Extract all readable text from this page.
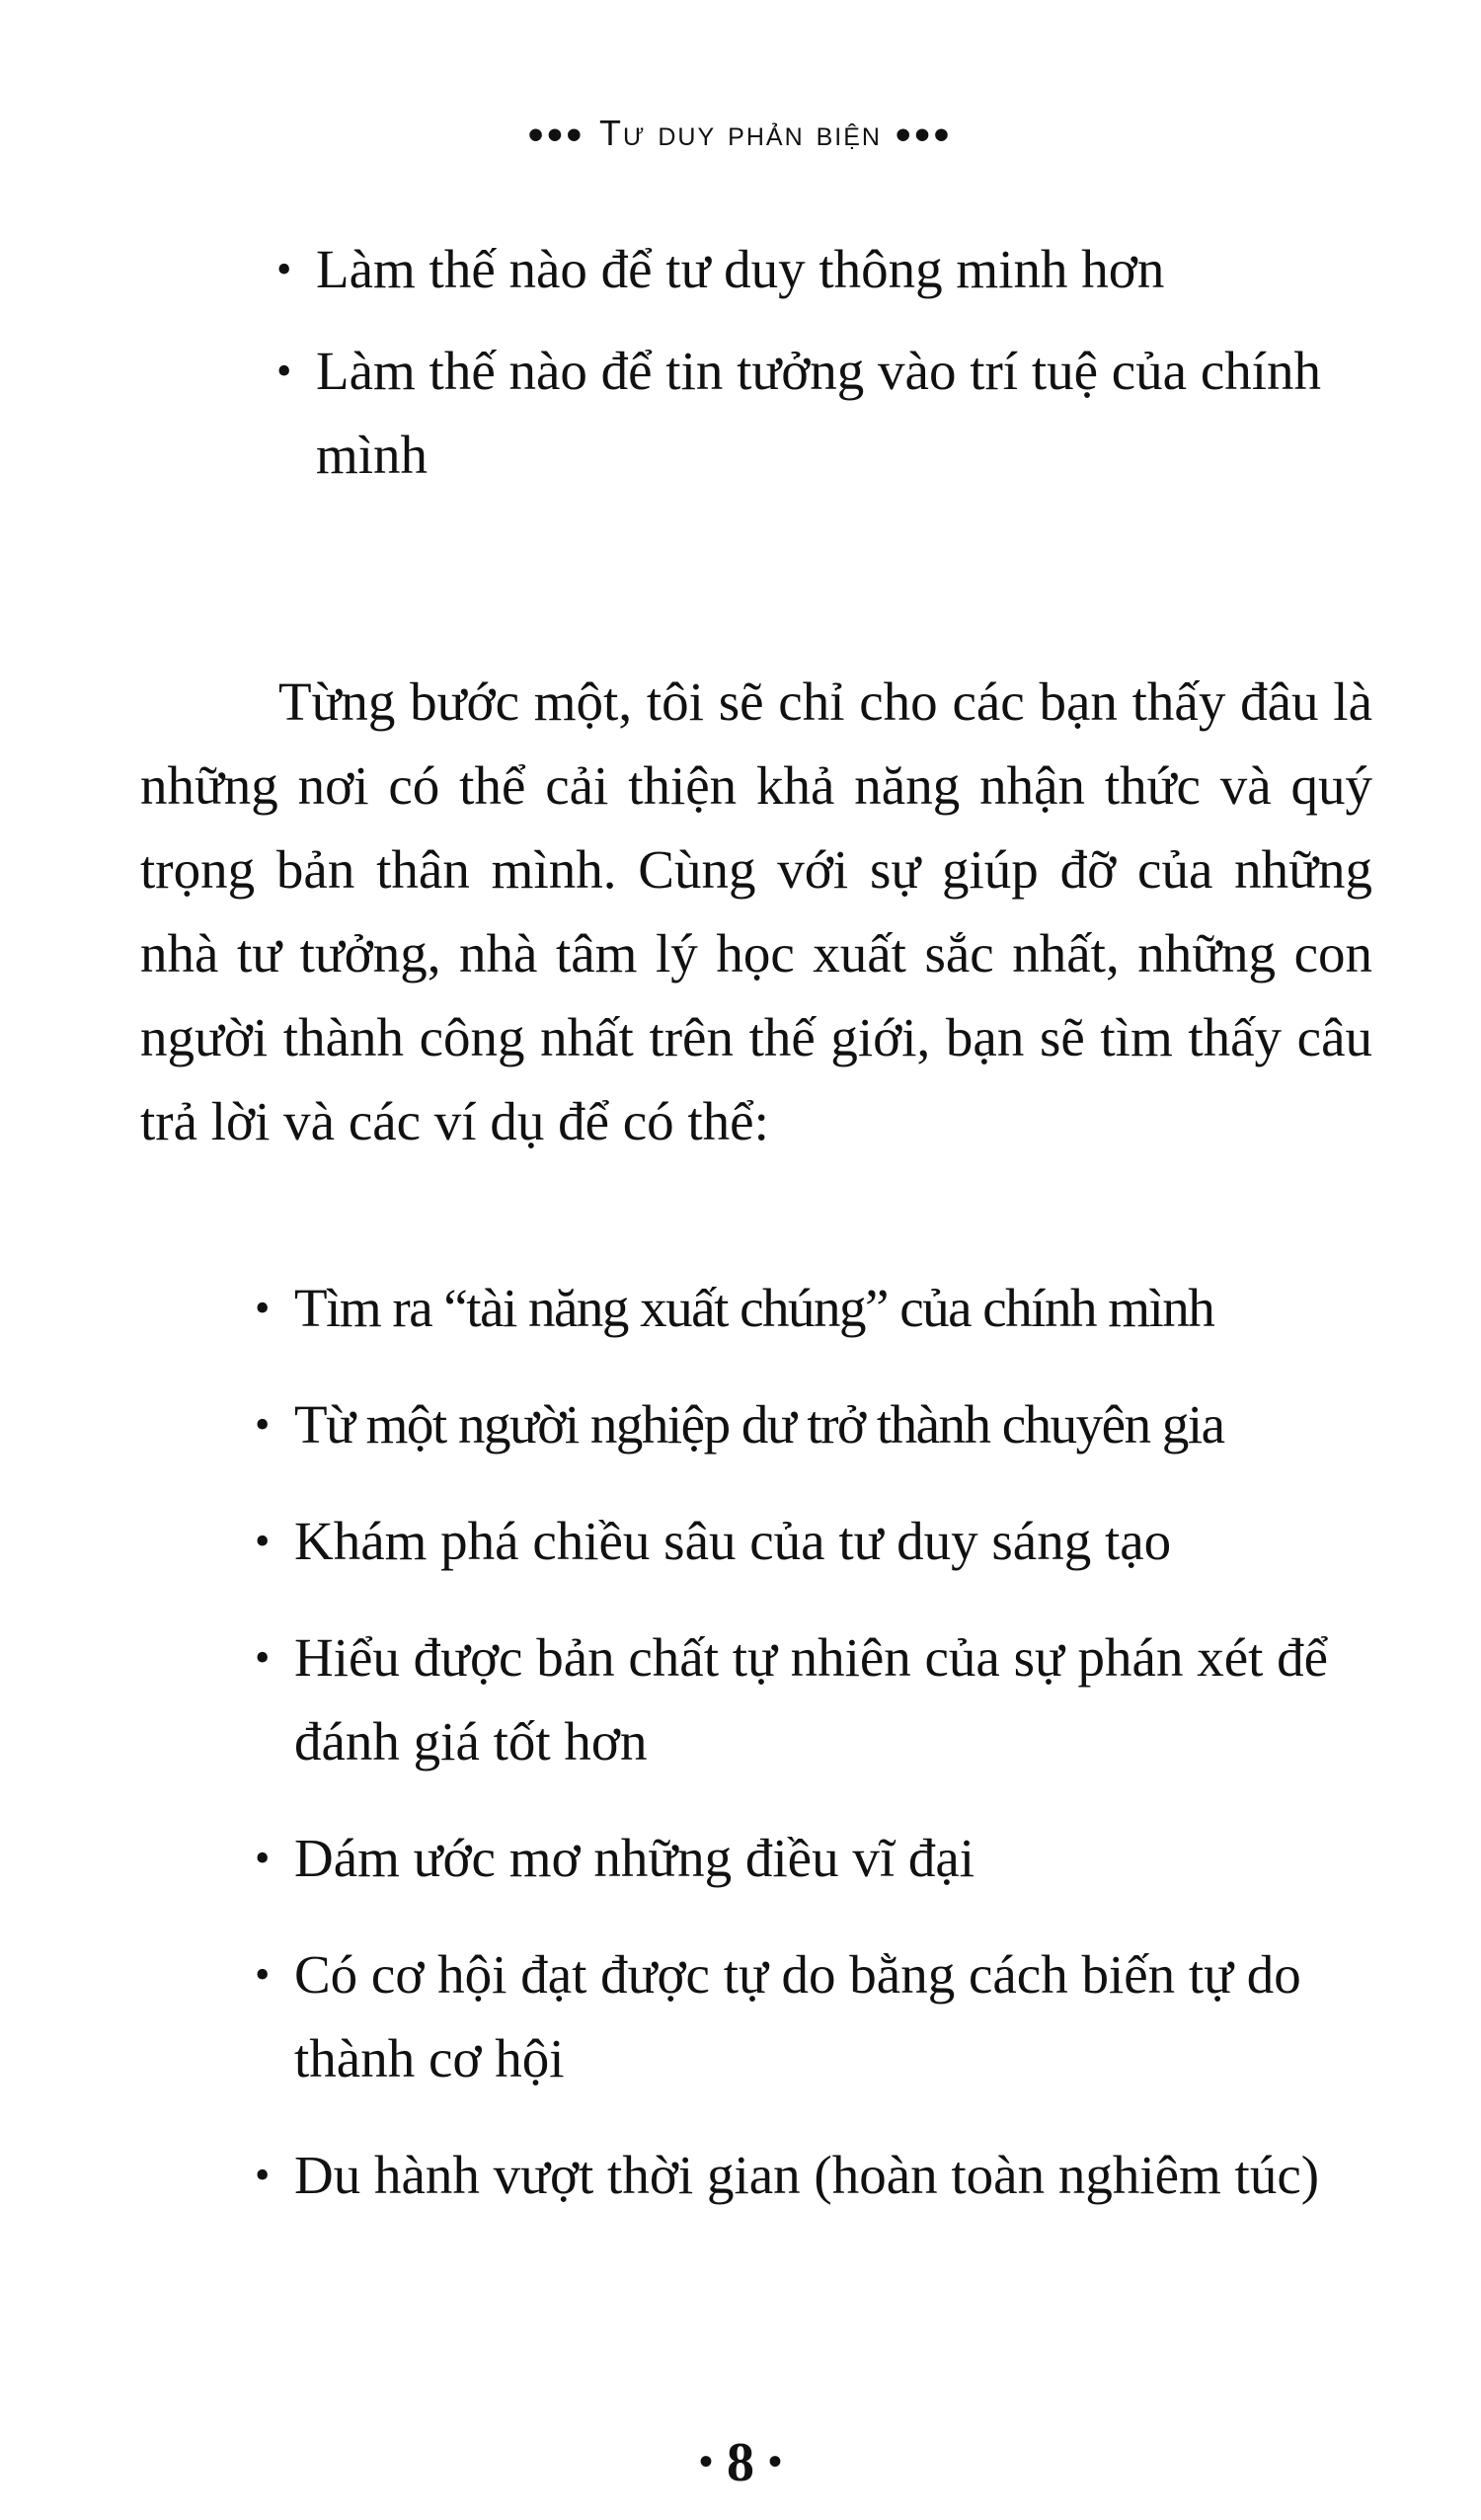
••• Tư duy phản biện •••
• Làm thế nào để tư duy thông minh hơn
• Làm thế nào để tin tưởng vào trí tuệ của chính mình

Từng bước một, tôi sẽ chỉ cho các bạn thấy đâu là những nơi có thể cải thiện khả năng nhận thức và quý trọng bản thân mình. Cùng với sự giúp đỡ của những nhà tư tưởng, nhà tâm lý học xuất sắc nhất, những con người thành công nhất trên thế giới, bạn sẽ tìm thấy câu trả lời và các ví dụ để có thể:

• Tìm ra “tài năng xuất chúng” của chính mình
• Từ một người nghiệp dư trở thành chuyên gia
• Khám phá chiều sâu của tư duy sáng tạo
• Hiểu được bản chất tự nhiên của sự phán xét để đánh giá tốt hơn
• Dám ước mơ những điều vĩ đại
• Có cơ hội đạt được tự do bằng cách biến tự do thành cơ hội
• Du hành vượt thời gian (hoàn toàn nghiêm túc)
• 8 •
